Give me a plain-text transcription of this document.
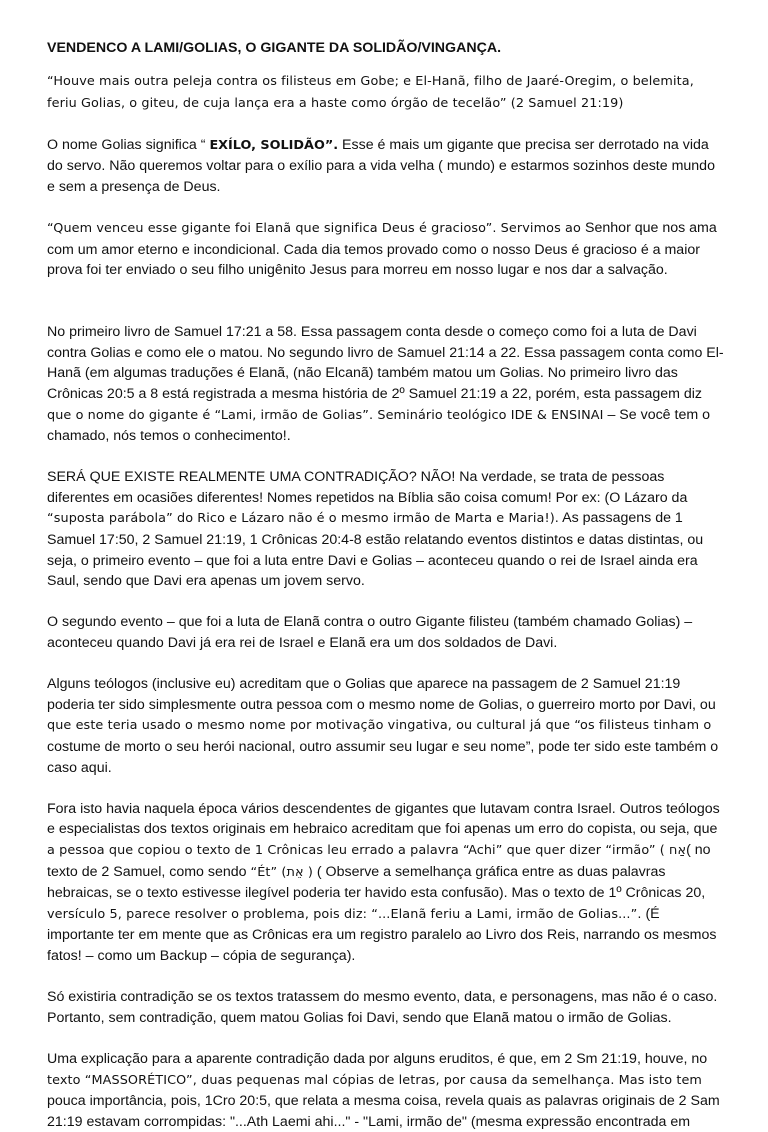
VENDENCO A LAMI/GOLIAS, O GIGANTE DA SOLIDÃO/VINGANÇA.

“Houve mais outra peleja contra os filisteus em Gobe; e El-Hanã, filho de Jaaré-Oregim, o belemita, feriu Golias, o giteu, de cuja lança era a haste como órgão de tecelão” (2 Samuel 21:19)

O nome Golias significa “ EXÍLO, SOLIDÃO”. Esse é mais um gigante que precisa ser derrotado na vida do servo. Não queremos voltar para o exílio para a vida velha ( mundo) e estarmos sozinhos deste mundo e sem a presença de Deus.

“Quem venceu esse gigante foi Elanã que significa Deus é gracioso”. Servimos ao Senhor que nos ama com um amor eterno e incondicional. Cada dia temos provado como o nosso Deus é gracioso é a maior prova foi ter enviado o seu filho unigênito Jesus para morreu em nosso lugar e nos dar a salvação.

No primeiro livro de Samuel 17:21 a 58. Essa passagem conta desde o começo como foi a luta de Davi contra Golias e como ele o matou. No segundo livro de Samuel 21:14 a 22. Essa passagem conta como El-Hanã (em algumas traduções é Elanã, (não Elcanã) também matou um Golias. No primeiro livro das Crônicas 20:5 a 8 está registrada a mesma história de 2º Samuel 21:19 a 22, porém, esta passagem diz que o nome do gigante é “Lami, irmão de Golias”. Seminário teológico IDE & ENSINAI – Se você tem o chamado, nós temos o conhecimento!.

SERÁ QUE EXISTE REALMENTE UMA CONTRADIÇÃO? NÃO! Na verdade, se trata de pessoas diferentes em ocasiões diferentes! Nomes repetidos na Bíblia são coisa comum! Por ex: (O Lázaro da “suposta parábola” do Rico e Lázaro não é o mesmo irmão de Marta e Maria!). As passagens de 1 Samuel 17:50, 2 Samuel 21:19, 1 Crônicas 20:4-8 estão relatando eventos distintos e datas distintas, ou seja, o primeiro evento – que foi a luta entre Davi e Golias – aconteceu quando o rei de Israel ainda era Saul, sendo que Davi era apenas um jovem servo.

O segundo evento – que foi a luta de Elanã contra o outro Gigante filisteu (também chamado Golias) – aconteceu quando Davi já era rei de Israel e Elanã era um dos soldados de Davi.

Alguns teólogos (inclusive eu) acreditam que o Golias que aparece na passagem de 2 Samuel 21:19 poderia ter sido simplesmente outra pessoa com o mesmo nome de Golias, o guerreiro morto por Davi, ou que este teria usado o mesmo nome por motivação vingativa, ou cultural já que “os filisteus tinham o costume de morto o seu herói nacional, outro assumir seu lugar e seu nome”, pode ter sido este também o caso aqui.

Fora isto havia naquela época vários descendentes de gigantes que lutavam contra Israel. Outros teólogos e especialistas dos textos originais em hebraico acreditam que foi apenas um erro do copista, ou seja, que a pessoa que copiou o texto de 1 Crônicas leu errado a palavra “Achi” que quer dizer “irmão” (אַח ( no texto de 2 Samuel, como sendo “Ét” ( אֵת) ( Observe a semelhança gráfica entre as duas palavras hebraicas, se o texto estivesse ilegível poderia ter havido esta confusão). Mas o texto de 1º Crônicas 20, versículo 5, parece resolver o problema, pois diz: “...Elanã feriu a Lami, irmão de Golias...”. (É importante ter em mente que as Crônicas era um registro paralelo ao Livro dos Reis, narrando os mesmos fatos! – como um Backup – cópia de segurança).

Só existiria contradição se os textos tratassem do mesmo evento, data, e personagens, mas não é o caso. Portanto, sem contradição, quem matou Golias foi Davi, sendo que Elanã matou o irmão de Golias.

Uma explicação para a aparente contradição dada por alguns eruditos, é que, em 2 Sm 21:19, houve, no texto “MASSORÉTICO”, duas pequenas mal cópias de letras, por causa da semelhança. Mas isto tem pouca importância, pois, 1Cro 20:5, que relata a mesma coisa, revela quais as palavras originais de 2 Sam 21:19 estavam corrompidas: "...Ath Laemi ahi..." - "Lami, irmão de" (mesma expressão encontrada em
